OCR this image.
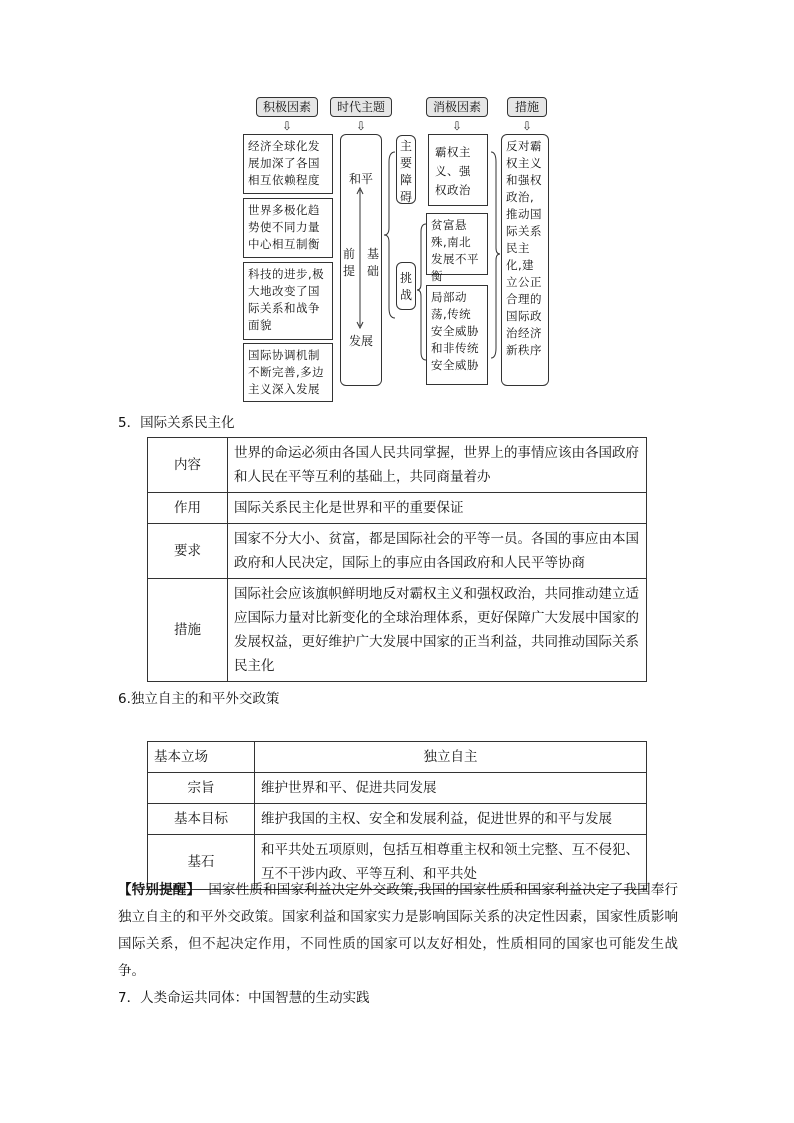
积极因素	时代主题	消极因素	措施
⇩	⇩	⇩	⇩
经济全球化发展加深了各国相互依赖程度
世界多极化趋势使不同力量中心相互制衡
科技的进步,极大地改变了国际关系和战争面貌
国际协调机制不断完善,多边主义深入发展
和平
发展
前提
基础
主要障碍
挑战
霸权主义、强权政治
贫富悬殊,南北发展不平衡
局部动荡,传统安全威胁和非传统安全威胁
反对霸权主义和强权政治,推动国际关系民主化,建立公正合理的国际政治经济新秩序
5．国际关系民主化
内容	世界的命运必须由各国人民共同掌握，世界上的事情应该由各国政府和人民在平等互利的基础上，共同商量着办
作用	国际关系民主化是世界和平的重要保证
要求	国家不分大小、贫富，都是国际社会的平等一员。各国的事应由本国政府和人民决定，国际上的事应由各国政府和人民平等协商
措施	国际社会应该旗帜鲜明地反对霸权主义和强权政治，共同推动建立适应国际力量对比新变化的全球治理体系，更好保障广大发展中国家的发展权益，更好维护广大发展中国家的正当利益，共同推动国际关系民主化
6.独立自主的和平外交政策
基本立场	独立自主
宗旨	维护世界和平、促进共同发展
基本目标	维护我国的主权、安全和发展利益，促进世界的和平与发展
基石	和平共处五项原则，包括互相尊重主权和领土完整、互不侵犯、互不干涉内政、平等互利、和平共处
【特别提醒】 国家性质和国家利益决定外交政策,我国的国家性质和国家利益决定了我国奉行独立自主的和平外交政策。国家利益和国家实力是影响国际关系的决定性因素，国家性质影响国际关系，但不起决定作用，不同性质的国家可以友好相处，性质相同的国家也可能发生战争。
7．人类命运共同体：中国智慧的生动实践
